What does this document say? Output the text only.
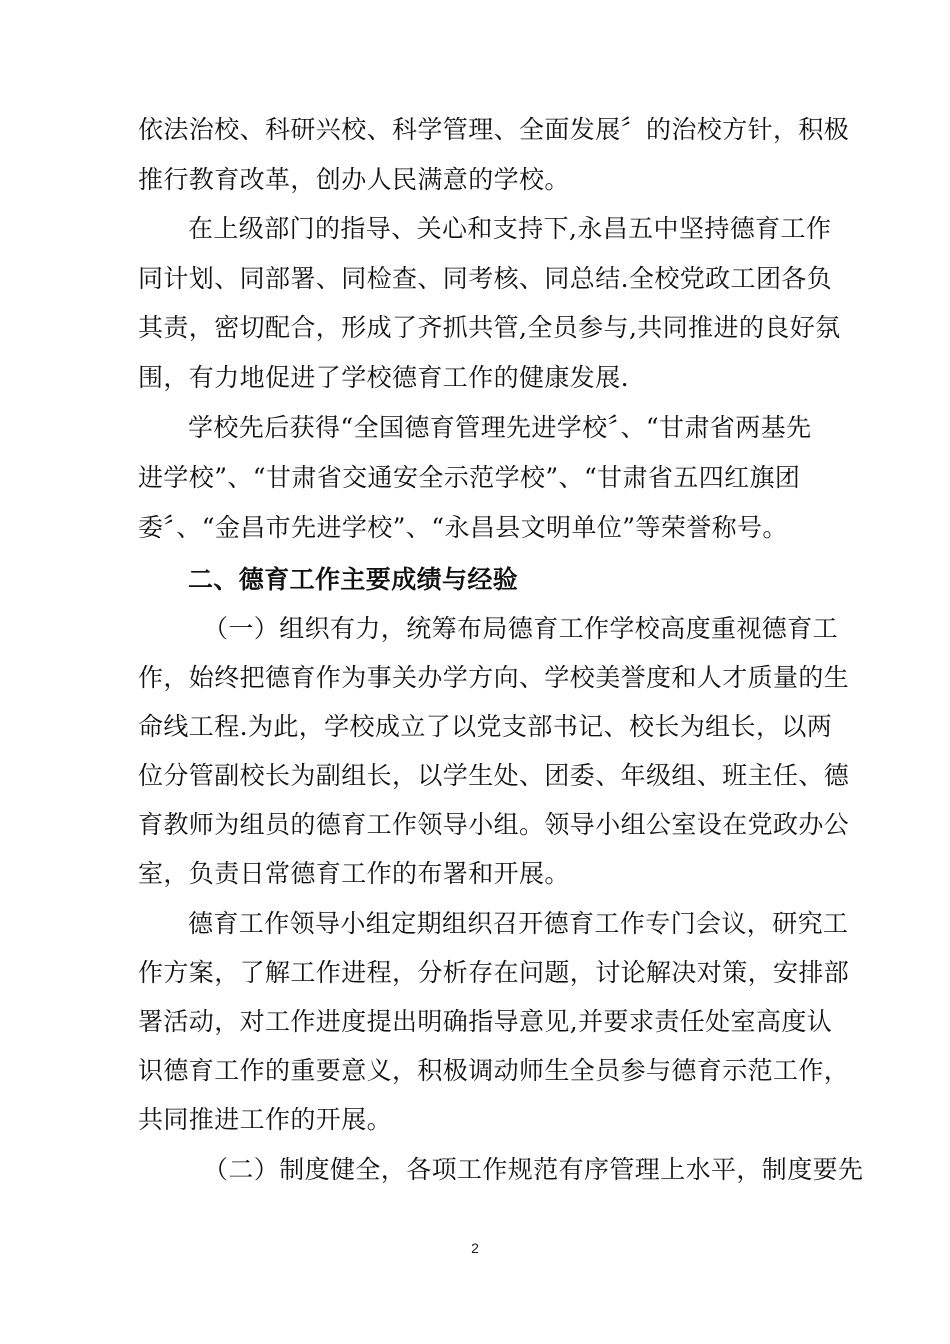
依法治校、科研兴校、科学管理、全面发展〞的治校方针，积极
推行教育改革，创办人民满意的学校。
在上级部门的指导、关心和支持下,永昌五中坚持德育工作
同计划、同部署、同检查、同考核、同总结.全校党政工团各负
其责，密切配合，形成了齐抓共管,全员参与,共同推进的良好氛
围，有力地促进了学校德育工作的健康发展.
学校先后获得“全国德育管理先进学校〞、“甘肃省两基先
进学校”、“甘肃省交通安全示范学校”、“甘肃省五四红旗团
委〞、“金昌市先进学校”、“永昌县文明单位”等荣誉称号。
二、德育工作主要成绩与经验
（一）组织有力，统筹布局德育工作学校高度重视德育工
作，始终把德育作为事关办学方向、学校美誉度和人才质量的生
命线工程.为此，学校成立了以党支部书记、校长为组长，以两
位分管副校长为副组长，以学生处、团委、年级组、班主任、德
育教师为组员的德育工作领导小组。领导小组公室设在党政办公
室，负责日常德育工作的布署和开展。
德育工作领导小组定期组织召开德育工作专门会议，研究工
作方案，了解工作进程，分析存在问题，讨论解决对策，安排部
署活动，对工作进度提出明确指导意见,并要求责任处室高度认
识德育工作的重要意义，积极调动师生全员参与德育示范工作，
共同推进工作的开展。
（二）制度健全，各项工作规范有序管理上水平，制度要先
2
